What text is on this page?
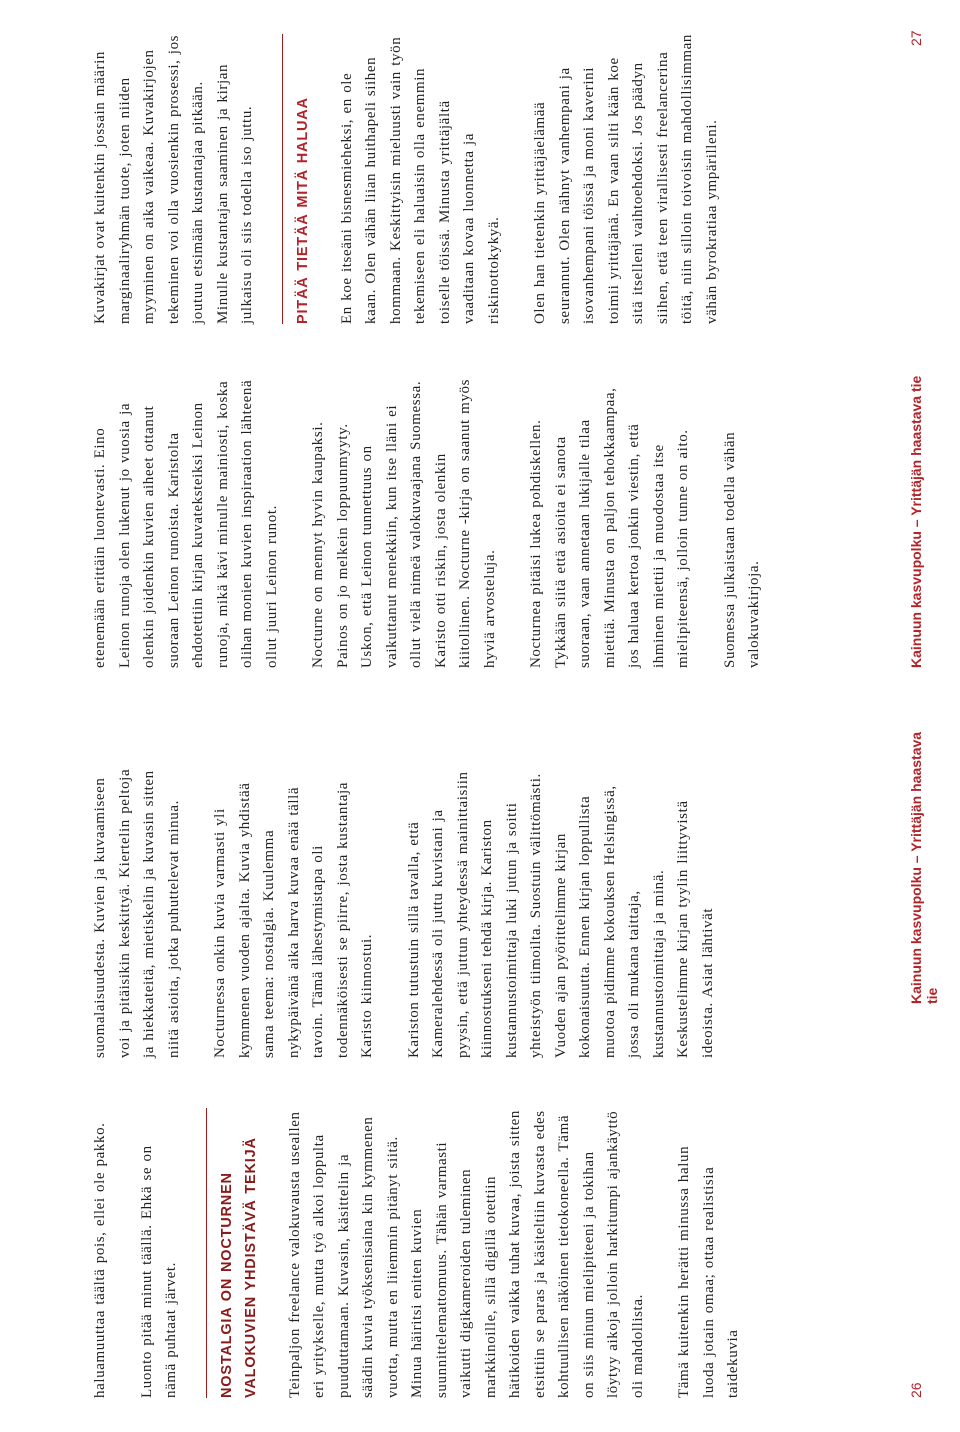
haluamuuttaa täältä pois, ellei ole pakko.	Luonto pitää minut täällä. Ehkä se on nämä puhtaat järvet.	NOSTALGIA ON NOCTURNEN VALOKUVIEN YHDISTÄVÄ TEKIJÄ Teinpaljon freelance valokuvausta useallen eri yritykselle, mutta työ alkoi loppulta puuduttamaan. Kuvasin, käsittelin ja säädin kuvia työksenisaina kin kymmenen vuotta, mutta en liiemmin pitänyt siitä. Minua häiritsi eniten kuvien suunnittelemattomuus. Tähän varmasti vaikutti digikameroiden tuleminen markkinoille, sillä digillä otettiin hätikoiden vaikka tuhat kuvaa, joista sitten etsittiin se paras ja käsiteltiin kuvasta edes kohtuullisen näköinen tietokoneella. Tämä on siis minun mielipiteeni ja tokihan löytyy aikoja jolloin harkitumpi ajankäyttö oli mahdollista.	Tämä kuitenkin herätti minussa halun luoda jotain omaa; ottaa realistisia taidekuvia

suomalaisuudesta. Kuvien ja kuvaamiseen voi ja pitäisikin keskittyä. Kiertelin peltoja ja hiekkateitä, mietiskelin ja kuvasin sitten niitä asioita, jotka puhuttelevat minua.	Nocturnessa onkin kuvia varmasti yli kymmenen vuoden ajalta. Kuvia yhdistää sama teema: nostalgia. Kuulemma nykypäivänä aika harva kuvaa enää tällä tavoin. Tämä lähestymistapa oli todennäköisesti se piirre, josta kustantaja Karisto kiinnostui.	Kariston tutustuin sillä tavalla, että Kameralehdessä oli juttu kuvistani ja pyysin, että juttun yhteydessä mainittaisiin kiinnostukseni tehdä kirja. Kariston kustannustoimittaja luki jutun ja soitti yhteistyön tiimoilta. Suostuin välittömästi. Vuoden ajan pyörittelimme kirjan kokonaisuutta. Ennen kirjan loppullista muotoa pidimme kokouksen Helsingissä, jossa oli mukana taittaja, kustannustoimittaja ja minä. Keskustelimme kirjan tyylin liittyvistä ideoista. Asiat lähtivät

26
Kainuun kasvupolku – Yrittäjän haastava tie

etenemään erittäin luontevasti. Eino Leinon runoja olen lukenut jo vuosia ja olenkin joidenkin kuvien aiheet ottanut suoraan Leinon runoista. Karistolta ehdotettiin kirjan kuvateksteiksi Leinon runoja, mikä kävi minulle mainiosti, koska olihan monien kuvien inspiraation lähteenä ollut juuri Leinon runot.	Nocturne on mennyt hyvin kaupaksi. Painos on jo melkein loppuunmyyty. Uskon, että Leinon tunnettuus on vaikuttanut menekkiin, kun itse lläni ei ollut vielä nimeä valokuvaajana Suomessa. Karisto otti riskin, josta olenkin kiitollinen. Nocturne -kirja on saanut myös hyviä arvosteluja.	Nocturnea pitäisi lukea pohdiskellen. Tykkään siitä että asioita ei sanota suoraan, vaan annetaan lukijalle tilaa miettiä. Minusta on paljon tehokkaampaa, jos haluaa kertoa jonkin viestin, että ihminen miettii ja muodostaa itse mielipiteensä, jolloin tunne on aito.	Suomessa julkaistaan todella vähän valokuvakirjoja.

Kuvakirjat ovat kuitenkin jossain määrin marginaaliryhmän tuote, joten niiden myyminen on aika vaikeaa. Kuvakirjojen tekeminen voi olla vuosienkin prosessi, jos joutuu etsimään kustantajaa pitkään. Minulle kustantajan saaminen ja kirjan julkaisu oli siis todella iso juttu.	PITÄÄ TIETÄÄ MITÄ HALUAA En koe itseäni bisnesmieheksi, en ole kaan. Olen vähän liian huithapeli siihen hommaan. Keskittyisin mieluusti vain työn tekemiseen eli haluaisin olla enemmin toiselle töissä. Minusta yrittäjältä vaaditaan kovaa luonnetta ja riskinottokykyä.	Olen han tietenkin yrittäjäelämää seurannut. Olen nähnyt vanhempani ja isovanhempani töissä ja moni kaverini toimii yrittäjänä. En vaan silti kään koe sitä itselleni vaihtoehdoksi. Jos päädyn siihen, että teen virallisesti freelancerina töitä, niin silloin toivoisin mahdollisimman vähän byrokratiaa ympärilleni.

Kainuun kasvupolku – Yrittäjän haastava tie
27
